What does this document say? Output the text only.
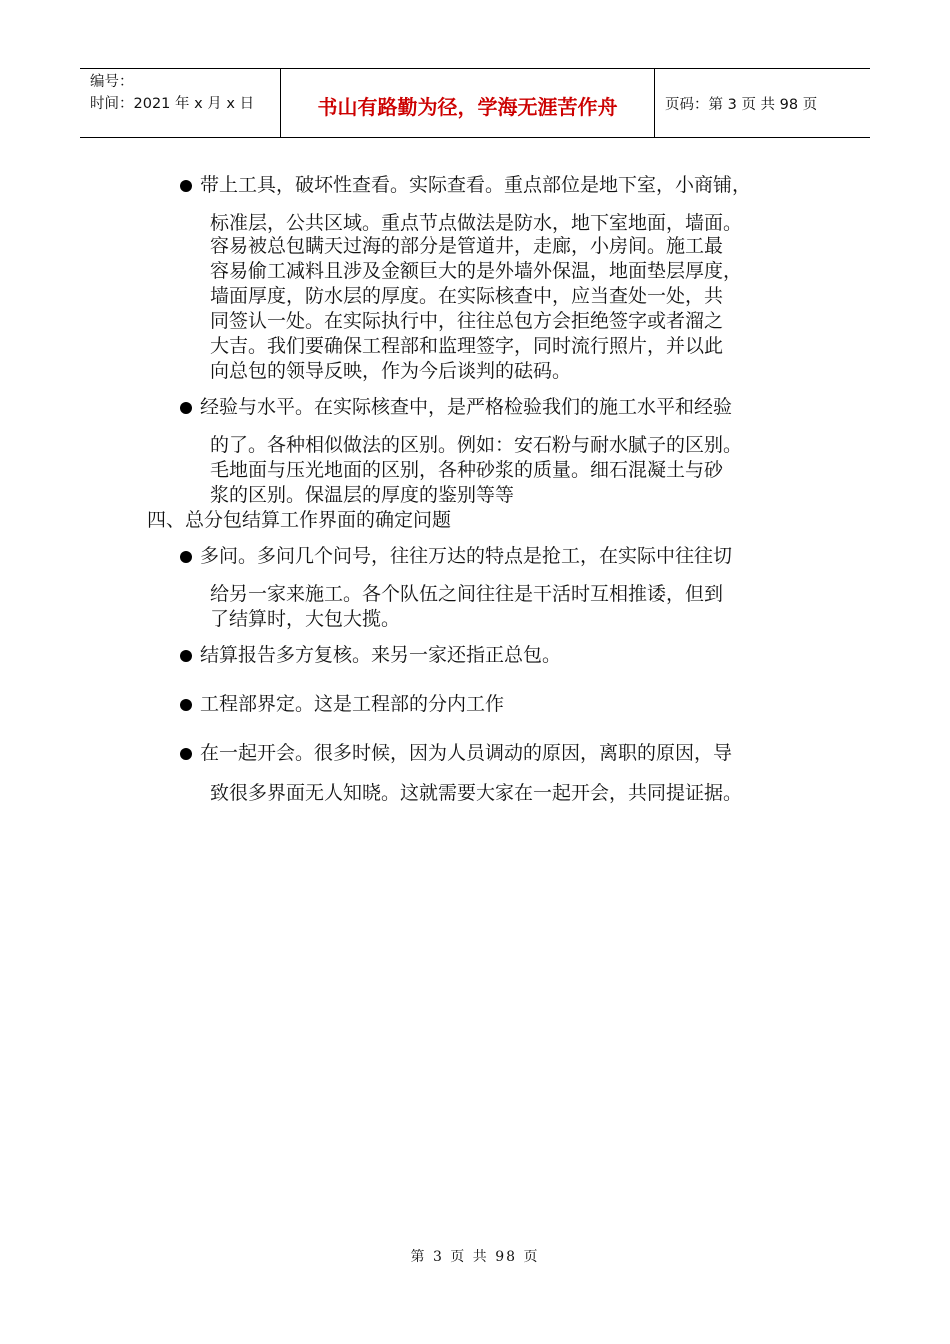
编号：
时间：2021 年 x 月 x 日	书山有路勤为径，学海无涯苦作舟	页码：第 3 页 共 98 页
带上工具，破坏性查看。实际查看。重点部位是地下室，小商铺，
标准层，公共区域。重点节点做法是防水，地下室地面，墙面。
容易被总包瞒天过海的部分是管道井，走廊，小房间。施工最
容易偷工减料且涉及金额巨大的是外墙外保温，地面垫层厚度，
墙面厚度，防水层的厚度。在实际核查中，应当查处一处，共
同签认一处。在实际执行中，往往总包方会拒绝签字或者溜之
大吉。我们要确保工程部和监理签字，同时流行照片，并以此
向总包的领导反映，作为今后谈判的砝码。
经验与水平。在实际核查中，是严格检验我们的施工水平和经验
的了。各种相似做法的区别。例如：安石粉与耐水腻子的区别。
毛地面与压光地面的区别，各种砂浆的质量。细石混凝土与砂
浆的区别。保温层的厚度的鉴别等等
四、总分包结算工作界面的确定问题
多问。多问几个问号，往往万达的特点是抢工，在实际中往往切
给另一家来施工。各个队伍之间往往是干活时互相推诿，但到
了结算时，大包大揽。
结算报告多方复核。来另一家还指正总包。
工程部界定。这是工程部的分内工作
在一起开会。很多时候，因为人员调动的原因，离职的原因，导
致很多界面无人知晓。这就需要大家在一起开会，共同提证据。
第 3 页 共 98 页
